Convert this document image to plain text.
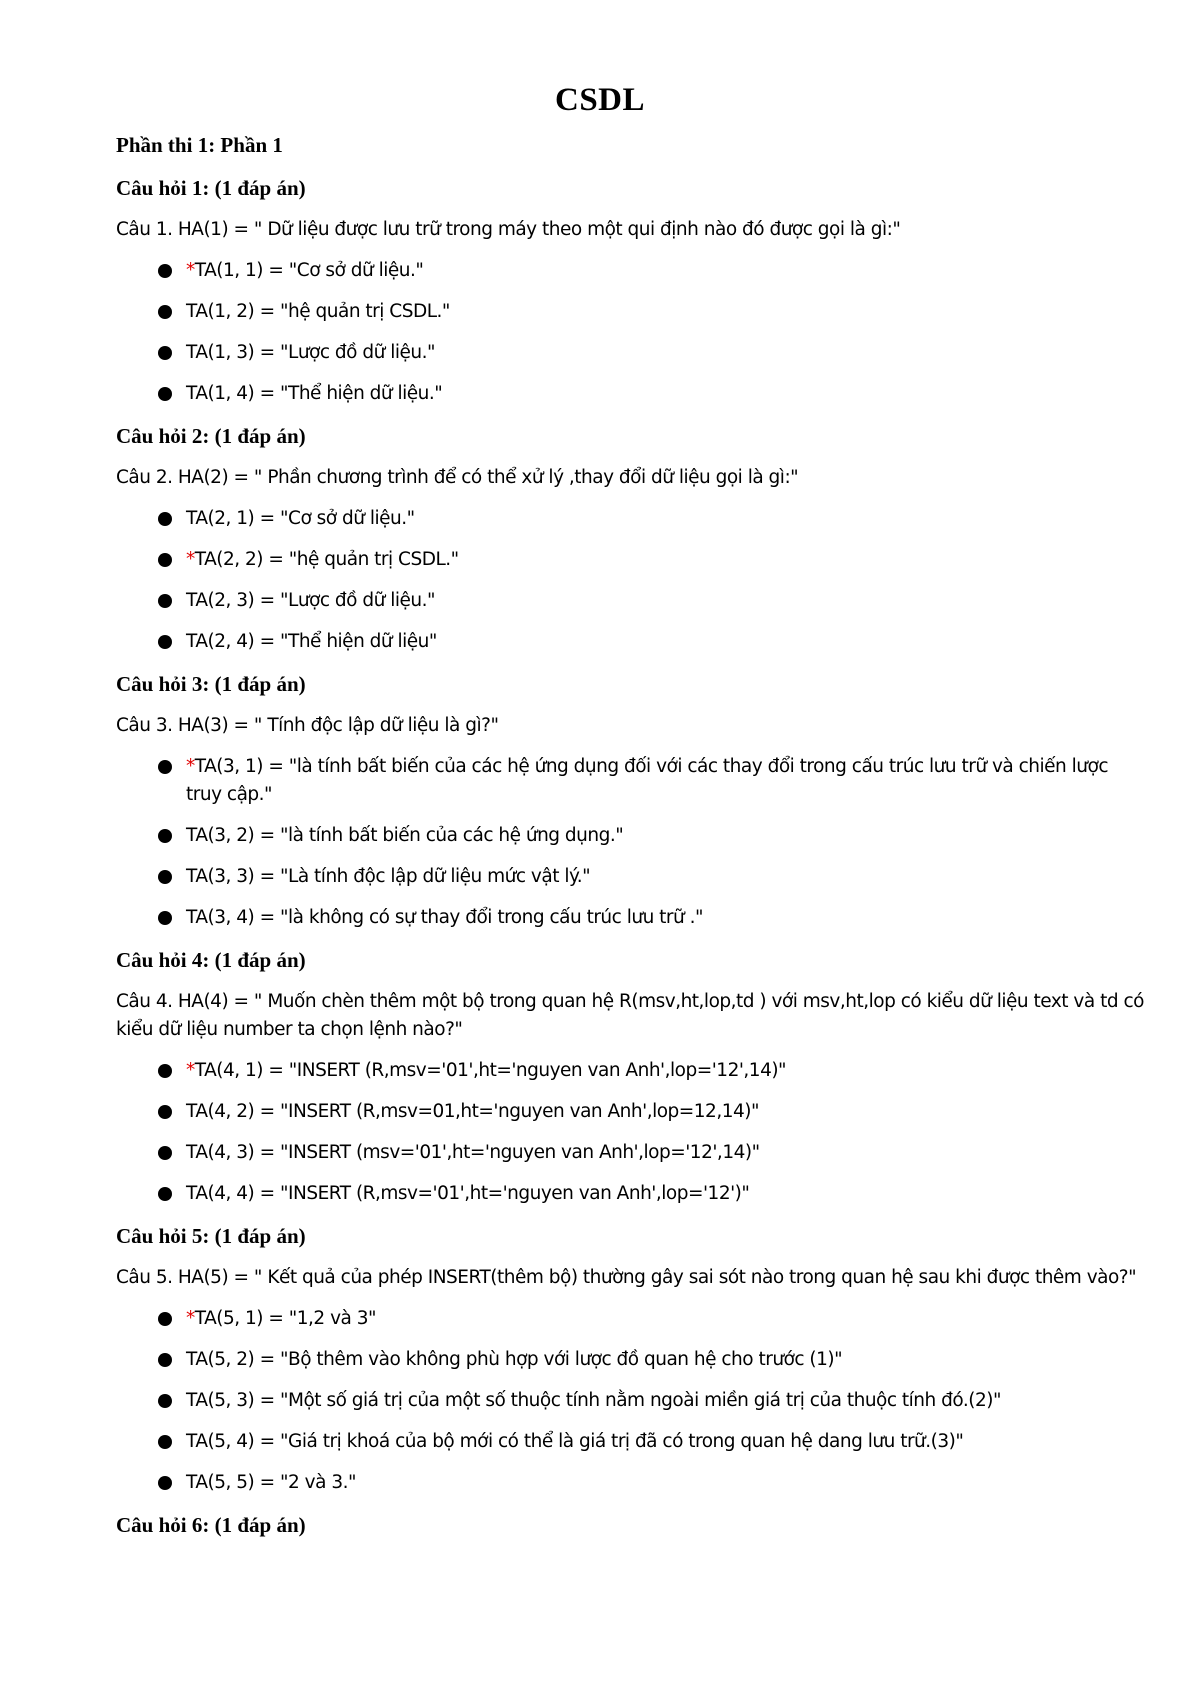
CSDL
Phần thi 1: Phần 1
Câu hỏi 1: (1 đáp án)
Câu 1. HA(1) = " Dữ liệu được lưu trữ trong máy theo một qui định nào đó được gọi là gì:"
*TA(1, 1) = "Cơ sở dữ liệu."
TA(1, 2) = "hệ quản trị CSDL."
TA(1, 3) = "Lược đồ dữ liệu."
TA(1, 4) = "Thể hiện dữ liệu."
Câu hỏi 2: (1 đáp án)
Câu 2. HA(2) = " Phần chương trình để có thể xử lý ,thay đổi dữ liệu gọi là gì:"
TA(2, 1) = "Cơ sở dữ liệu."
*TA(2, 2) = "hệ quản trị CSDL."
TA(2, 3) = "Lược đồ dữ liệu."
TA(2, 4) = "Thể hiện dữ liệu"
Câu hỏi 3: (1 đáp án)
Câu 3. HA(3) = " Tính độc lập dữ liệu là gì?"
*TA(3, 1) = "là tính bất biến của các hệ ứng dụng đối với các thay đổi trong cấu trúc lưu trữ và chiến lược truy cập."
TA(3, 2) = "là tính bất biến của các hệ ứng dụng."
TA(3, 3) = "Là tính độc lập dữ liệu mức vật lý."
TA(3, 4) = "là không có sự thay đổi trong cấu trúc lưu trữ ."
Câu hỏi 4: (1 đáp án)
Câu 4. HA(4) = " Muốn chèn thêm một bộ trong quan hệ R(msv,ht,lop,td ) với msv,ht,lop có kiểu dữ liệu text và td có kiểu dữ liệu number ta chọn lệnh nào?"
*TA(4, 1) = "INSERT (R,msv='01',ht='nguyen van Anh',lop='12',14)"
TA(4, 2) = "INSERT (R,msv=01,ht='nguyen van Anh',lop=12,14)"
TA(4, 3) = "INSERT (msv='01',ht='nguyen van Anh',lop='12',14)"
TA(4, 4) = "INSERT (R,msv='01',ht='nguyen van Anh',lop='12')"
Câu hỏi 5: (1 đáp án)
Câu 5. HA(5) = " Kết quả của phép INSERT(thêm bộ) thường gây sai sót nào trong quan hệ sau khi được thêm vào?"
*TA(5, 1) = "1,2 và 3"
TA(5, 2) = "Bộ thêm vào không phù hợp với lược đồ quan hệ cho trước (1)"
TA(5, 3) = "Một số giá trị của một số thuộc tính nằm ngoài miền giá trị của thuộc tính đó.(2)"
TA(5, 4) = "Giá trị khoá của bộ mới có thể là giá trị đã có trong quan hệ dang lưu trữ.(3)"
TA(5, 5) = "2 và 3."
Câu hỏi 6: (1 đáp án)
